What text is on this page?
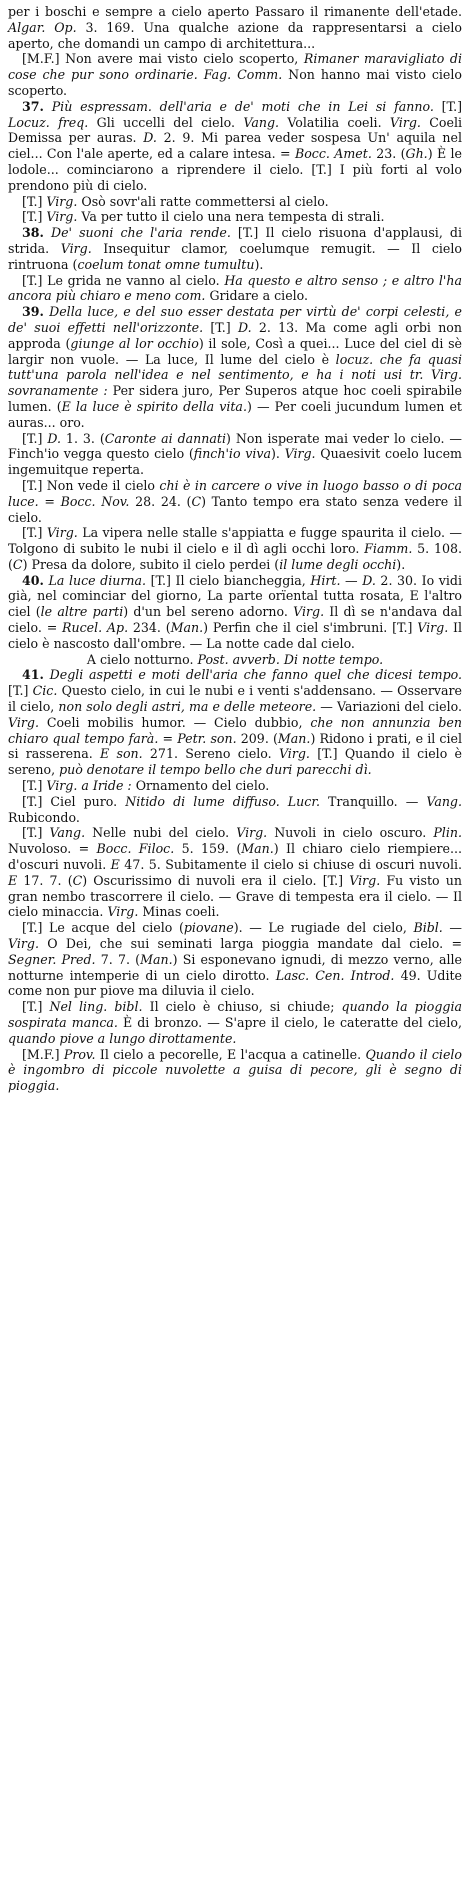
per i boschi e sempre a cielo aperto Passaro il rimanente dell'etade. Algar. Op. 3. 169. Una qualche azione da rappresentarsi a cielo aperto, che domandi un campo di architettura...

[M.F.] Non avere mai visto cielo scoperto, Rimaner maravigliato di cose che pur sono ordinarie. Fag. Comm. Non hanno mai visto cielo scoperto.

37. Più espressam. dell'aria e de' moti che in Lei si fanno. [T.] Locuz. freq. Gli uccelli del cielo. Vang. Volatilia coeli. Virg. Coeli Demissa per auras. D. 2. 9. Mi parea veder sospesa Un' aquila nel ciel... Con l'ale aperte, ed a calare intesa. = Bocc. Amet. 23. (Gh.) È le lodole... cominciarono a riprendere il cielo. [T.] I più forti al volo prendono più di cielo.

[T.] Virg. Osò sovr'ali ratte commettersi al cielo.

[T.] Virg. Va per tutto il cielo una nera tempesta di strali.

38. De' suoni che l'aria rende. [T.] Il cielo risuona d'applausi, di strida. Virg. Insequitur clamor, coelumque remugit. — Il cielo rintruona (coelum tonat omne tumultu).

[T.] Le grida ne vanno al cielo. Ha questo e altro senso ; e altro l'ha ancora più chiaro e meno com. Gridare a cielo.

39. Della luce, e del suo esser destata per virtù de' corpi celesti, e de' suoi effetti nell'orizzonte. [T.] D. 2. 13. Ma come agli orbi non approda (giunge al lor occhio) il sole, Così a quei... Luce del ciel di sè largir non vuole. — La luce, Il lume del cielo è locuz. che fa quasi tutt'una parola nell'idea e nel sentimento, e ha i noti usi tr. Virg. sovranamente : Per sidera juro, Per Superos atque hoc coeli spirabile lumen. (E la luce è spirito della vita.) — Per coeli jucundum lumen et auras... oro.

[T.] D. 1. 3. (Caronte ai dannati) Non isperate mai veder lo cielo. — Finch'io vegga questo cielo (finch'io viva). Virg. Quaesivit coelo lucem ingemuitque reperta.

[T.] Non vede il cielo chi è in carcere o vive in luogo basso o di poca luce. = Bocc. Nov. 28. 24. (C) Tanto tempo era stato senza vedere il cielo.

[T.] Virg. La vipera nelle stalle s'appiatta e fugge spaurita il cielo. — Tolgono di subito le nubi il cielo e il dì agli occhi loro. Fiamm. 5. 108. (C) Presa da dolore, subito il cielo perdei (il lume degli occhi).

40. La luce diurna. [T.] Il cielo biancheggia, Hirt. — D. 2. 30. Io vidi già, nel cominciar del giorno, La parte orïental tutta rosata, E l'altro ciel (le altre parti) d'un bel sereno adorno. Virg. Il dì se n'andava dal cielo. = Rucel. Ap. 234. (Man.) Perfin che il ciel s'imbruni. [T.] Virg. Il cielo è nascosto dall'ombre. — La notte cade dal cielo.

A cielo notturno. Post. avverb. Di notte tempo.

41. Degli aspetti e moti dell'aria che fanno quel che dicesi tempo. [T.] Cic. Questo cielo, in cui le nubi e i venti s'addensano. — Osservare il cielo, non solo degli astri, ma e delle meteore. — Variazioni del cielo. Virg. Coeli mobilis humor. — Cielo dubbio, che non annunzia ben chiaro qual tempo farà. = Petr. son. 209. (Man.) Ridono i prati, e il ciel si rasserena. E son. 271. Sereno cielo. Virg. [T.] Quando il cielo è sereno, può denotare il tempo bello che duri parecchi dì.

[T.] Virg. a Iride : Ornamento del cielo.

[T.] Ciel puro. Nitido di lume diffuso. Lucr. Tranquillo. — Vang. Rubicondo.

[T.] Vang. Nelle nubi del cielo. Virg. Nuvoli in cielo oscuro. Plin. Nuvoloso. = Bocc. Filoc. 5. 159. (Man.) Il chiaro cielo riempiere... d'oscuri nuvoli. E 47. 5. Subitamente il cielo si chiuse di oscuri nuvoli. E 17. 7. (C) Oscurissimo di nuvoli era il cielo. [T.] Virg. Fu visto un gran nembo trascorrere il cielo. — Grave di tempesta era il cielo. — Il cielo minaccia. Virg. Minas coeli.

[T.] Le acque del cielo (piovane). — Le rugiade del cielo, Bibl. — Virg. O Dei, che sui seminati larga pioggia mandate dal cielo. = Segner. Pred. 7. 7. (Man.) Si esponevano ignudi, di mezzo verno, alle notturne intemperie di un cielo dirotto. Lasc. Cen. Introd. 49. Udite come non pur piove ma diluvia il cielo.

[T.] Nel ling. bibl. Il cielo è chiuso, si chiude; quando la pioggia sospirata manca. È di bronzo. — S'apre il cielo, le cateratte del cielo, quando piove a lungo dirottamente.

[M.F.] Prov. Il cielo a pecorelle, E l'acqua a catinelle. Quando il cielo è ingombro di piccole nuvolette a guisa di pecore, gli è segno di pioggia.
